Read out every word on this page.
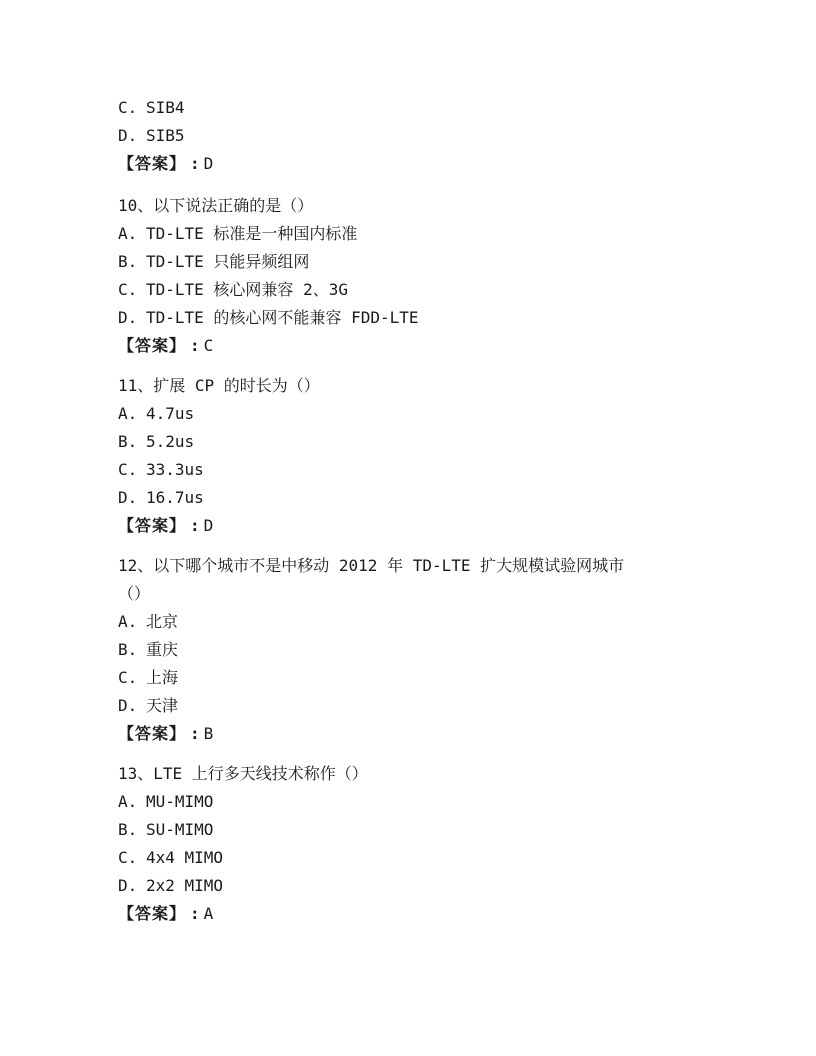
C. SIB4
D. SIB5
【答案】 : D
10、以下说法正确的是（）
A. TD-LTE 标准是一种国内标准
B. TD-LTE 只能异频组网
C. TD-LTE 核心网兼容 2、3G
D. TD-LTE 的核心网不能兼容 FDD-LTE
【答案】 : C
11、扩展 CP 的时长为（）
A. 4.7us
B. 5.2us
C. 33.3us
D. 16.7us
【答案】 : D
12、以下哪个城市不是中移动 2012 年 TD-LTE 扩大规模试验网城市
（）
A. 北京
B. 重庆
C. 上海
D. 天津
【答案】 : B
13、LTE 上行多天线技术称作（）
A. MU-MIMO
B. SU-MIMO
C. 4x4 MIMO
D. 2x2 MIMO
【答案】 : A
